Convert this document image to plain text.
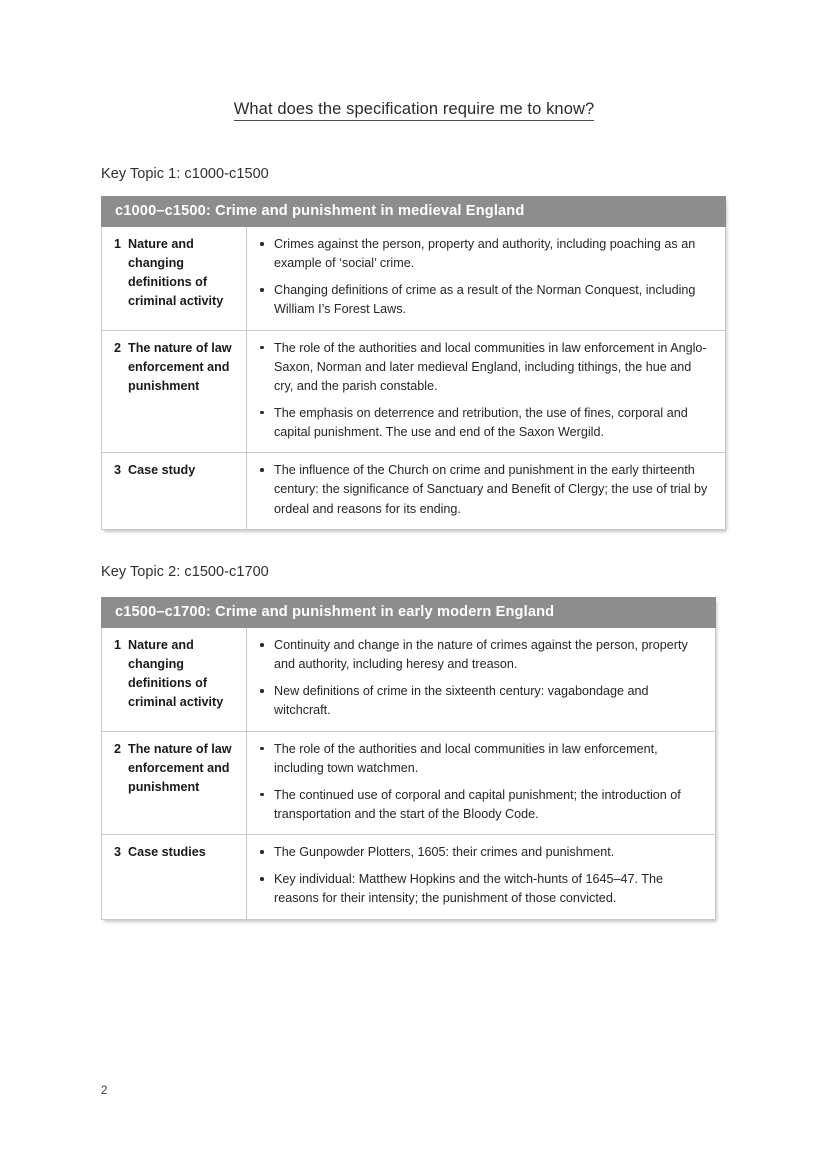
What does the specification require me to know?
Key Topic 1: c1000-c1500
c1000–c1500: Crime and punishment in medieval England
1 Nature and changing definitions of criminal activity
Crimes against the person, property and authority, including poaching as an example of ‘social’ crime.
Changing definitions of crime as a result of the Norman Conquest, including William I’s Forest Laws.
2 The nature of law enforcement and punishment
The role of the authorities and local communities in law enforcement in Anglo-Saxon, Norman and later medieval England, including tithings, the hue and cry, and the parish constable.
The emphasis on deterrence and retribution, the use of fines, corporal and capital punishment. The use and end of the Saxon Wergild.
3 Case study	The influence of the Church on crime and punishment in the early thirteenth century: the significance of Sanctuary and Benefit of Clergy; the use of trial by ordeal and reasons for its ending.
Key Topic 2: c1500-c1700
c1500–c1700: Crime and punishment in early modern England
1 Nature and changing definitions of criminal activity
Continuity and change in the nature of crimes against the person, property and authority, including heresy and treason.
New definitions of crime in the sixteenth century: vagabondage and witchcraft.
2 The nature of law enforcement and punishment
The role of the authorities and local communities in law enforcement, including town watchmen.
The continued use of corporal and capital punishment; the introduction of transportation and the start of the Bloody Code.
3 Case studies	The Gunpowder Plotters, 1605: their crimes and punishment.
Key individual: Matthew Hopkins and the witch-hunts of 1645–47. The reasons for their intensity; the punishment of those convicted.
2
